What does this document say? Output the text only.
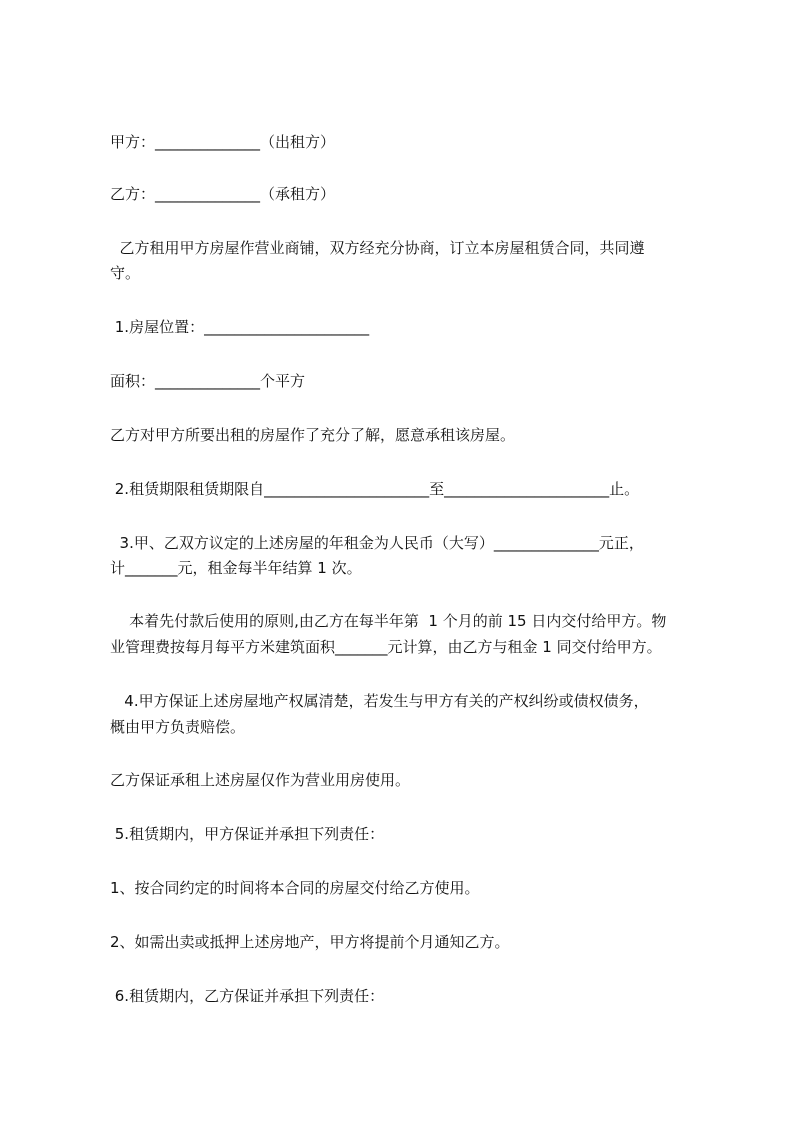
甲方：______________（出租方）
乙方：______________（承租方）
乙方租用甲方房屋作营业商铺，双方经充分协商，订立本房屋租赁合同，共同遵
守。
1.房屋位置：______________________
面积：______________个平方
乙方对甲方所要出租的房屋作了充分了解，愿意承租该房屋。
2.租赁期限租赁期限自______________________至______________________止。
3.甲、乙双方议定的上述房屋的年租金为人民币（大写）______________元正，
计_______元，租金每半年结算 1 次。
本着先付款后使用的原则,由乙方在每半年第  1 个月的前 15 日内交付给甲方。物
业管理费按每月每平方米建筑面积_______元计算，由乙方与租金 1 同交付给甲方。
4.甲方保证上述房屋地产权属清楚，若发生与甲方有关的产权纠纷或债权债务，
概由甲方负责赔偿。
乙方保证承租上述房屋仅作为营业用房使用。
5.租赁期内，甲方保证并承担下列责任：
1、按合同约定的时间将本合同的房屋交付给乙方使用。
2、如需出卖或抵押上述房地产，甲方将提前个月通知乙方。
6.租赁期内，乙方保证并承担下列责任：
